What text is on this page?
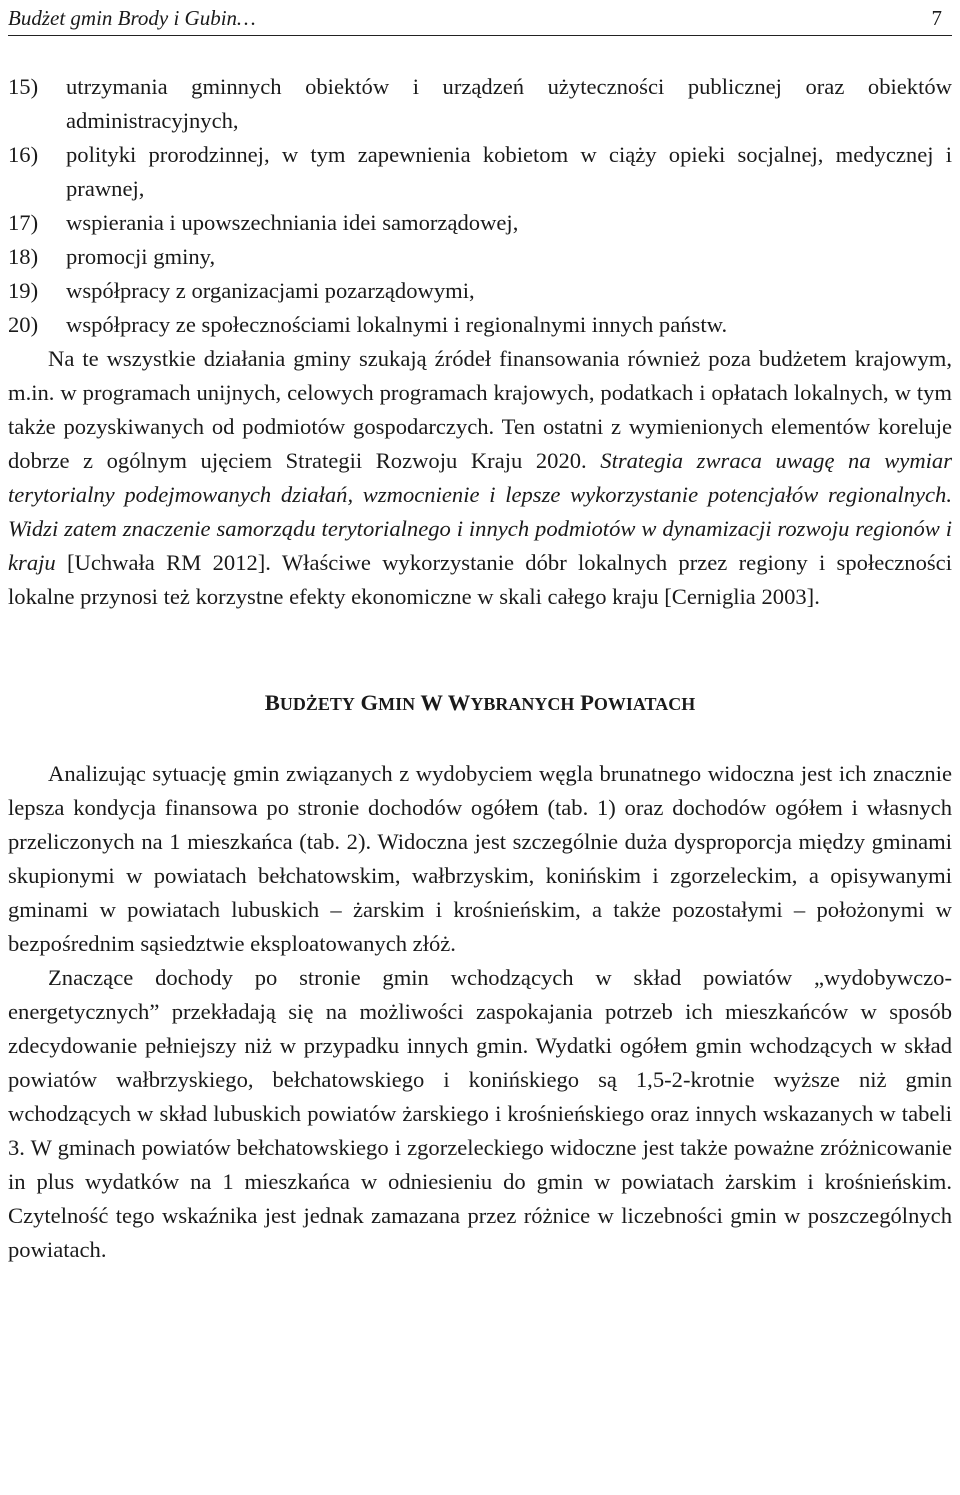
Budżet gmin Brody i Gubin…	7
15)	utrzymania gminnych obiektów i urządzeń użyteczności publicznej oraz obiektów administracyjnych,
16)	polityki prorodzinnej, w tym zapewnienia kobietom w ciąży opieki socjalnej, medycznej i prawnej,
17)	wspierania i upowszechniania idei samorządowej,
18)	promocji gminy,
19)	współpracy z organizacjami pozarządowymi,
20)	współpracy ze społecznościami lokalnymi i regionalnymi innych państw.

Na te wszystkie działania gminy szukają źródeł finansowania również poza budżetem krajowym, m.in. w programach unijnych, celowych programach krajowych, podatkach i opłatach lokalnych, w tym także pozyskiwanych od podmiotów gospodarczych. Ten ostatni z wymienionych elementów koreluje dobrze z ogólnym ujęciem Strategii Rozwoju Kraju 2020. Strategia zwraca uwagę na wymiar terytorialny podejmowanych działań, wzmocnienie i lepsze wykorzystanie potencjałów regionalnych. Widzi zatem znaczenie samorządu terytorialnego i innych podmiotów w dynamizacji rozwoju regionów i kraju [Uchwała RM 2012]. Właściwe wykorzystanie dóbr lokalnych przez regiony i społeczności lokalne przynosi też korzystne efekty ekonomiczne w skali całego kraju [Cerniglia 2003].

BUDŻETY GMIN W WYBRANYCH POWIATACH

Analizując sytuację gmin związanych z wydobyciem węgla brunatnego widoczna jest ich znacznie lepsza kondycja finansowa po stronie dochodów ogółem (tab. 1) oraz dochodów ogółem i własnych przeliczonych na 1 mieszkańca (tab. 2). Widoczna jest szczególnie duża dysproporcja między gminami skupionymi w powiatach bełchatowskim, wałbrzyskim, konińskim i zgorzeleckim, a opisywanymi gminami w powiatach lubuskich – żarskim i krośnieńskim, a także pozostałymi – położonymi w bezpośrednim sąsiedztwie eksploatowanych złóż.

Znaczące dochody po stronie gmin wchodzących w skład powiatów „wydobywczo-energetycznych” przekładają się na możliwości zaspokajania potrzeb ich mieszkańców w sposób zdecydowanie pełniejszy niż w przypadku innych gmin. Wydatki ogółem gmin wchodzących w skład powiatów wałbrzyskiego, bełchatowskiego i konińskiego są 1,5-2-krotnie wyższe niż gmin wchodzących w skład lubuskich powiatów żarskiego i krośnieńskiego oraz innych wskazanych w tabeli 3. W gminach powiatów bełchatowskiego i zgorzeleckiego widoczne jest także poważne zróżnicowanie in plus wydatków na 1 mieszkańca w odniesieniu do gmin w powiatach żarskim i krośnieńskim. Czytelność tego wskaźnika jest jednak zamazana przez różnice w liczebności gmin w poszczególnych powiatach.
